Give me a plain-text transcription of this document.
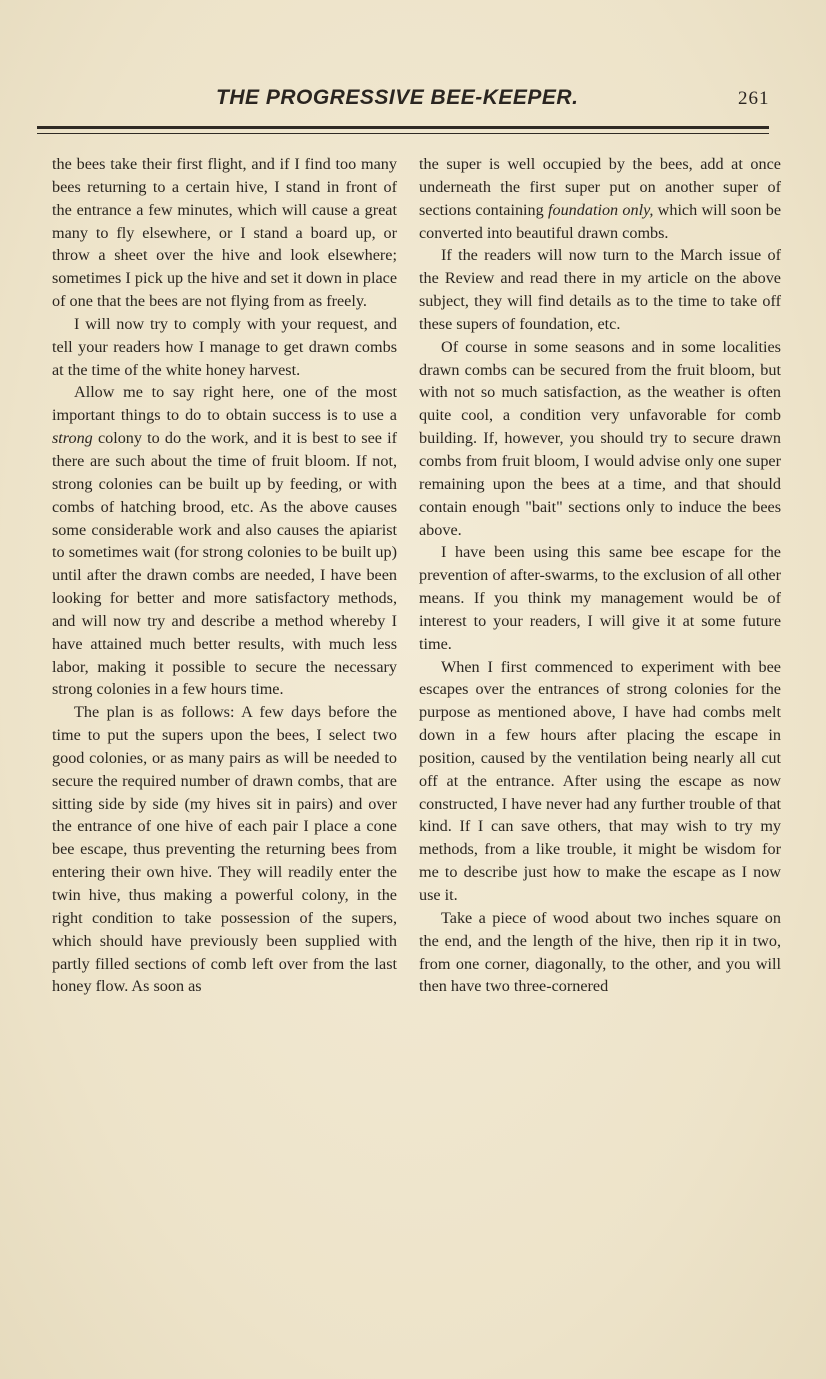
THE PROGRESSIVE BEE-KEEPER.	261

the bees take their first flight, and if I find too many bees returning to a certain hive, I stand in front of the entrance a few minutes, which will cause a great many to fly elsewhere, or I stand a board up, or throw a sheet over the hive and look elsewhere; sometimes I pick up the hive and set it down in place of one that the bees are not flying from as freely.

I will now try to comply with your request, and tell your readers how I manage to get drawn combs at the time of the white honey harvest.

Allow me to say right here, one of the most important things to do to obtain success is to use a strong colony to do the work, and it is best to see if there are such about the time of fruit bloom. If not, strong colonies can be built up by feeding, or with combs of hatching brood, etc. As the above causes some considerable work and also causes the apiarist to sometimes wait (for strong colonies to be built up) until after the drawn combs are needed, I have been looking for better and more satisfactory methods, and will now try and describe a method whereby I have attained much better results, with much less labor, making it possible to secure the necessary strong colonies in a few hours time.

The plan is as follows: A few days before the time to put the supers upon the bees, I select two good colonies, or as many pairs as will be needed to secure the required number of drawn combs, that are sitting side by side (my hives sit in pairs) and over the entrance of one hive of each pair I place a cone bee escape, thus preventing the returning bees from entering their own hive. They will readily enter the twin hive, thus making a powerful colony, in the right condition to take possession of the supers, which should have previously been supplied with partly filled sections of comb left over from the last honey flow. As soon as

the super is well occupied by the bees, add at once underneath the first super put on another super of sections containing foundation only, which will soon be converted into beautiful drawn combs.

If the readers will now turn to the March issue of the Review and read there in my article on the above subject, they will find details as to the time to take off these supers of foundation, etc.

Of course in some seasons and in some localities drawn combs can be secured from the fruit bloom, but with not so much satisfaction, as the weather is often quite cool, a condition very unfavorable for comb building. If, however, you should try to secure drawn combs from fruit bloom, I would advise only one super remaining upon the bees at a time, and that should contain enough "bait" sections only to induce the bees above.

I have been using this same bee escape for the prevention of after-swarms, to the exclusion of all other means. If you think my management would be of interest to your readers, I will give it at some future time.

When I first commenced to experiment with bee escapes over the entrances of strong colonies for the purpose as mentioned above, I have had combs melt down in a few hours after placing the escape in position, caused by the ventilation being nearly all cut off at the entrance. After using the escape as now constructed, I have never had any further trouble of that kind. If I can save others, that may wish to try my methods, from a like trouble, it might be wisdom for me to describe just how to make the escape as I now use it.

Take a piece of wood about two inches square on the end, and the length of the hive, then rip it in two, from one corner, diagonally, to the other, and you will then have two three-cornered
